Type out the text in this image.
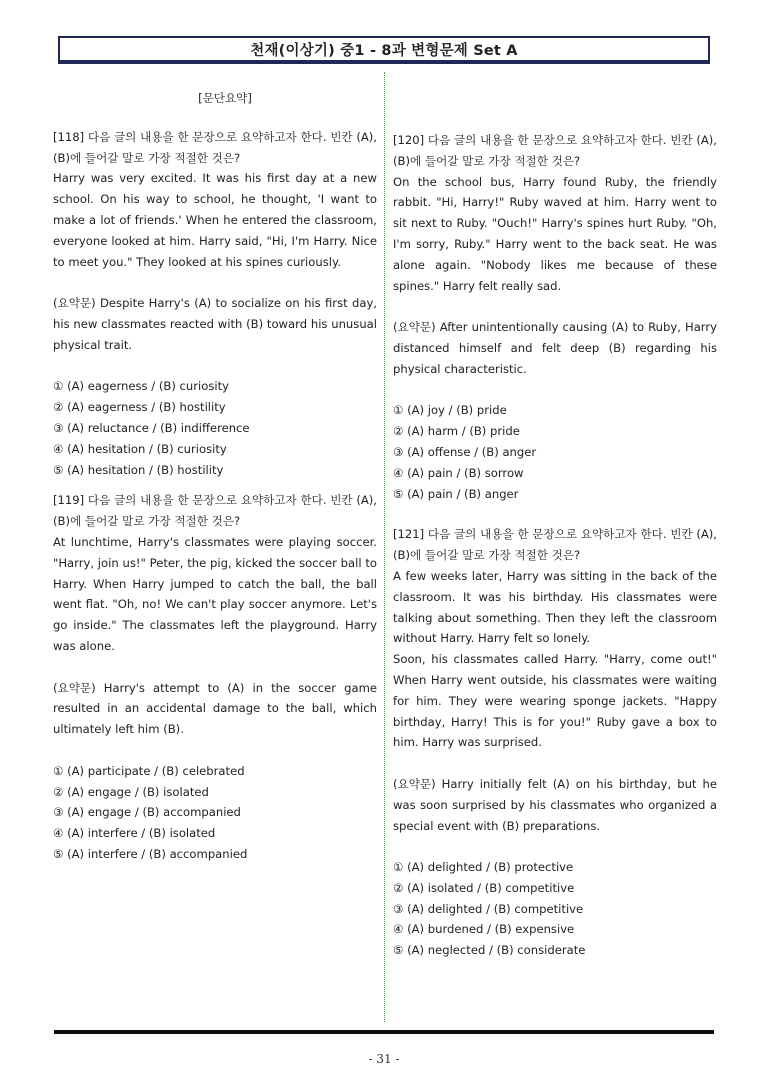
천재(이상기) 중1 - 8과 변형문제 Set A
[문단요약]

[118] 다음 글의 내용을 한 문장으로 요약하고자 한다. 빈칸 (A), (B)에 들어갈 말로 가장 적절한 것은?

Harry was very excited. It was his first day at a new school. On his way to school, he thought, 'I want to make a lot of friends.' When he entered the classroom, everyone looked at him. Harry said, "Hi, I'm Harry. Nice to meet you." They looked at his spines curiously.

(요약문) Despite Harry's (A) to socialize on his first day, his new classmates reacted with (B) toward his unusual physical trait.

① (A) eagerness / (B) curiosity

② (A) eagerness / (B) hostility

③ (A) reluctance / (B) indifference

④ (A) hesitation / (B) curiosity

⑤ (A) hesitation / (B) hostility

[119] 다음 글의 내용을 한 문장으로 요약하고자 한다. 빈칸 (A), (B)에 들어갈 말로 가장 적절한 것은?

At lunchtime, Harry's classmates were playing soccer. "Harry, join us!" Peter, the pig, kicked the soccer ball to Harry. When Harry jumped to catch the ball, the ball went flat. "Oh, no! We can't play soccer anymore. Let's go inside." The classmates left the playground. Harry was alone.

(요약문) Harry's attempt to (A) in the soccer game resulted in an accidental damage to the ball, which ultimately left him (B).

① (A) participate / (B) celebrated

② (A) engage / (B) isolated

③ (A) engage / (B) accompanied

④ (A) interfere / (B) isolated

⑤ (A) interfere / (B) accompanied

[120] 다음 글의 내용을 한 문장으로 요약하고자 한다. 빈칸 (A), (B)에 들어갈 말로 가장 적절한 것은?

On the school bus, Harry found Ruby, the friendly rabbit. "Hi, Harry!" Ruby waved at him. Harry went to sit next to Ruby. "Ouch!" Harry's spines hurt Ruby. "Oh, I'm sorry, Ruby." Harry went to the back seat. He was alone again. "Nobody likes me because of these spines." Harry felt really sad.

(요약문) After unintentionally causing (A) to Ruby, Harry distanced himself and felt deep (B) regarding his physical characteristic.

① (A) joy / (B) pride

② (A) harm / (B) pride

③ (A) offense / (B) anger

④ (A) pain / (B) sorrow

⑤ (A) pain / (B) anger

[121] 다음 글의 내용을 한 문장으로 요약하고자 한다. 빈칸 (A), (B)에 들어갈 말로 가장 적절한 것은?

A few weeks later, Harry was sitting in the back of the classroom. It was his birthday. His classmates were talking about something. Then they left the classroom without Harry. Harry felt so lonely.

Soon, his classmates called Harry. "Harry, come out!" When Harry went outside, his classmates were waiting for him. They were wearing sponge jackets. "Happy birthday, Harry! This is for you!" Ruby gave a box to him. Harry was surprised.

(요약문) Harry initially felt (A) on his birthday, but he was soon surprised by his classmates who organized a special event with (B) preparations.

① (A) delighted / (B) protective

② (A) isolated / (B) competitive

③ (A) delighted / (B) competitive

④ (A) burdened / (B) expensive

⑤ (A) neglected / (B) considerate

- 31 -
